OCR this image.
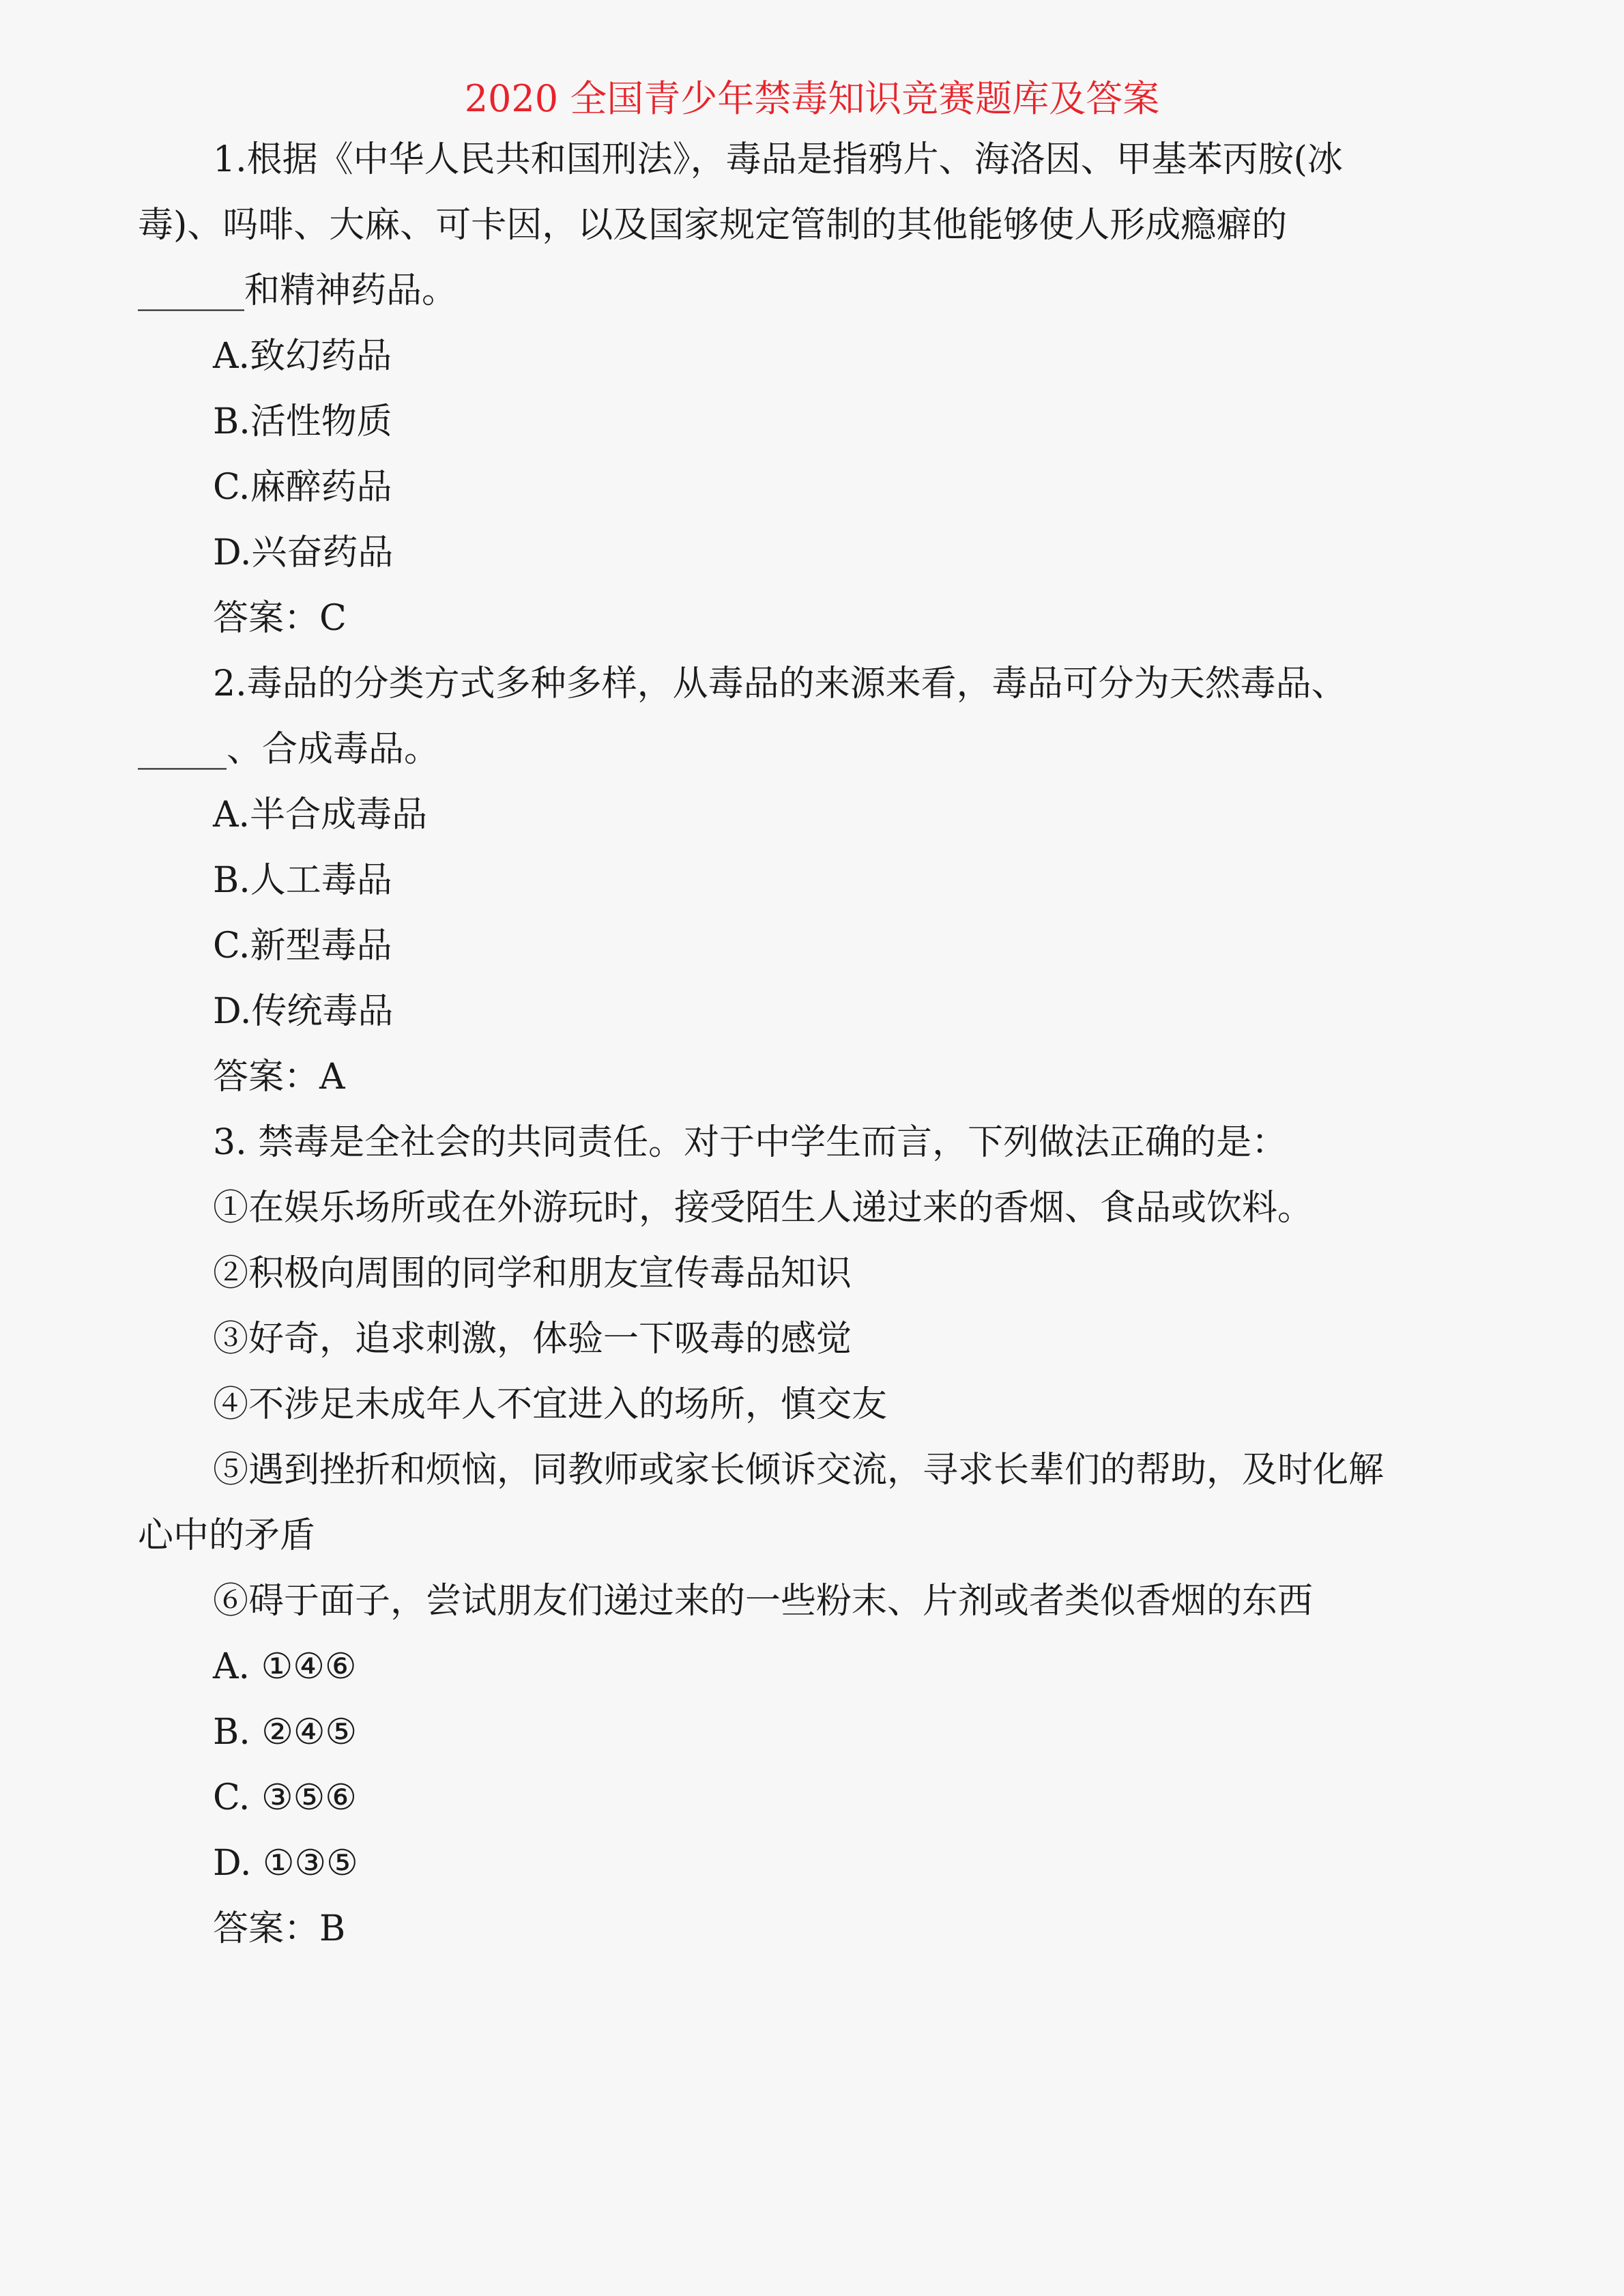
2020 全国青少年禁毒知识竞赛题库及答案
1.根据《中华人民共和国刑法》，毒品是指鸦片、海洛因、甲基苯丙胺(冰
毒)、吗啡、大麻、可卡因，以及国家规定管制的其他能够使人形成瘾癖的
______和精神药品。
A.致幻药品
B.活性物质
C.麻醉药品
D.兴奋药品
答案：C
2.毒品的分类方式多种多样，从毒品的来源来看，毒品可分为天然毒品、
_____、合成毒品。
A.半合成毒品
B.人工毒品
C.新型毒品
D.传统毒品
答案：A
3. 禁毒是全社会的共同责任。对于中学生而言，下列做法正确的是：
①在娱乐场所或在外游玩时，接受陌生人递过来的香烟、食品或饮料。
②积极向周围的同学和朋友宣传毒品知识
③好奇，追求刺激，体验一下吸毒的感觉
④不涉足未成年人不宜进入的场所，慎交友
⑤遇到挫折和烦恼，同教师或家长倾诉交流，寻求长辈们的帮助，及时化解
心中的矛盾
⑥碍于面子，尝试朋友们递过来的一些粉末、片剂或者类似香烟的东西
A. ①④⑥
B. ②④⑤
C. ③⑤⑥
D. ①③⑤
答案：B
